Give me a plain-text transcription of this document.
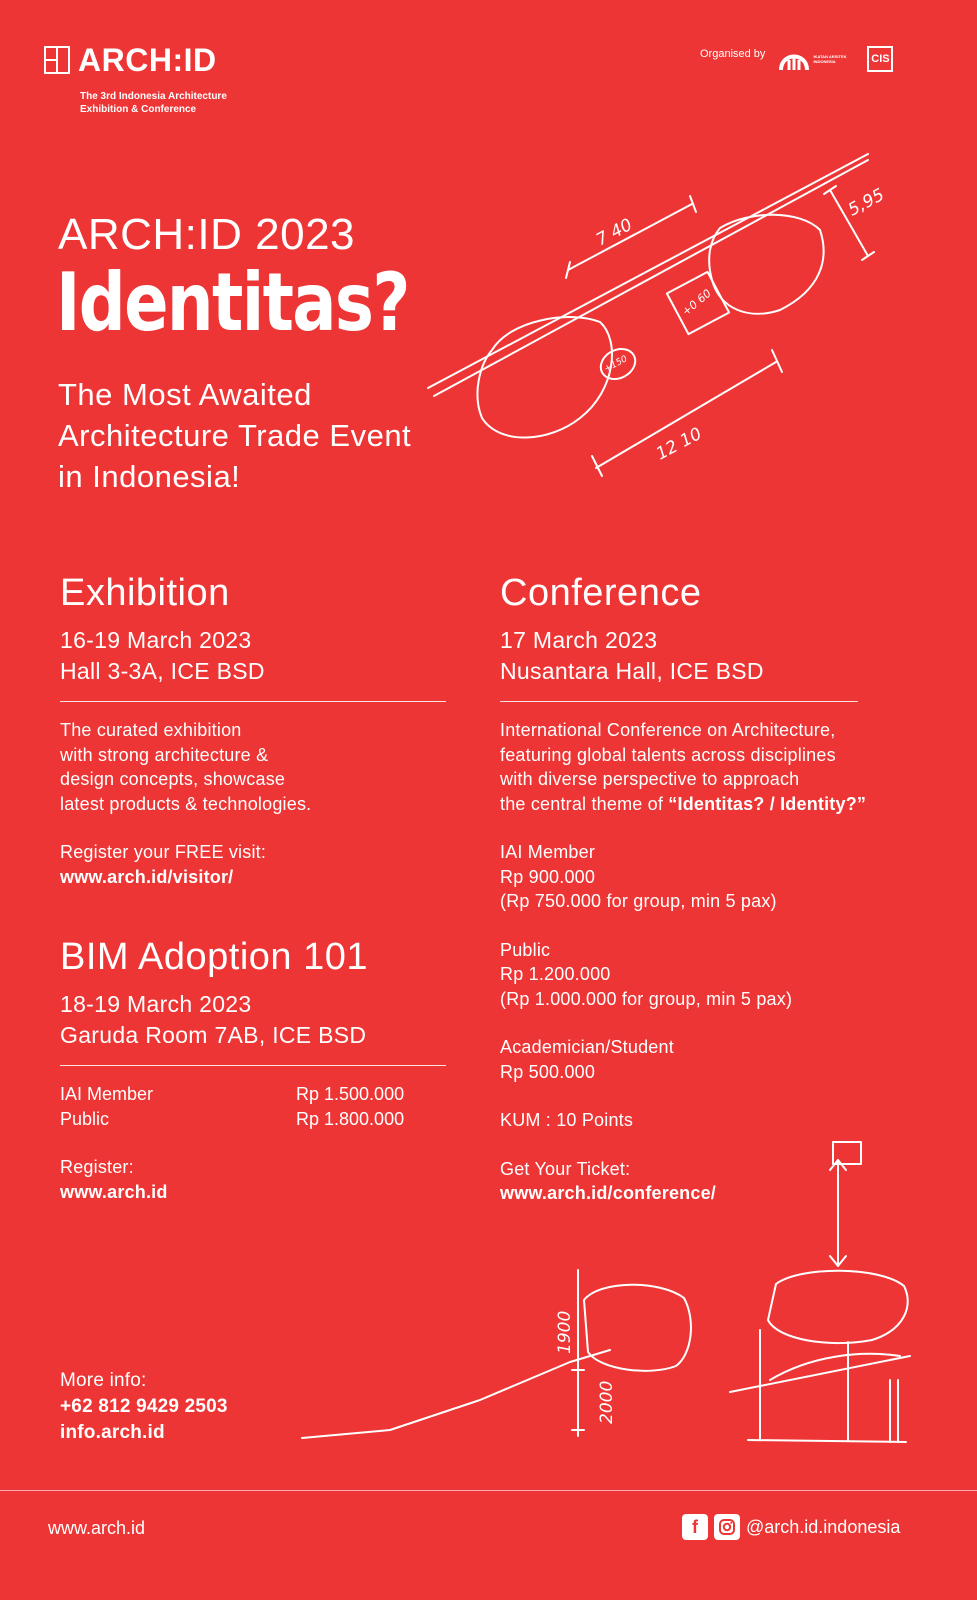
ARCH:ID
The 3rd Indonesia Architecture Exhibition & Conference
Organised by	IKATAN ARSITEK INDONESIA	CIS
ARCH:ID 2023
Identitas?
The Most Awaited
Architecture Trade Event
in Indonesia!
7 40
5,95
+0 60
+150
12 10
Exhibition
16-19 March 2023
Hall 3-3A, ICE BSD
The curated exhibition
with strong architecture &
design concepts, showcase
latest products & technologies.
Register your FREE visit:
www.arch.id/visitor/
BIM Adoption 101
18-19 March 2023
Garuda Room 7AB, ICE BSD
IAI Member	Rp 1.500.000
Public	Rp 1.800.000
Register:
www.arch.id
Conference
17 March 2023
Nusantara Hall, ICE BSD
International Conference on Architecture,
featuring global talents across disciplines
with diverse perspective to approach
the central theme of “Identitas? / Identity?”
IAI Member
Rp 900.000
(Rp 750.000 for group, min 5 pax)
Public
Rp 1.200.000
(Rp 1.000.000 for group, min 5 pax)
Academician/Student
Rp 500.000
KUM : 10 Points
Get Your Ticket:
www.arch.id/conference/
1900
2000
More info:
+62 812 9429 2503
info.arch.id
www.arch.id	f	@arch.id.indonesia
